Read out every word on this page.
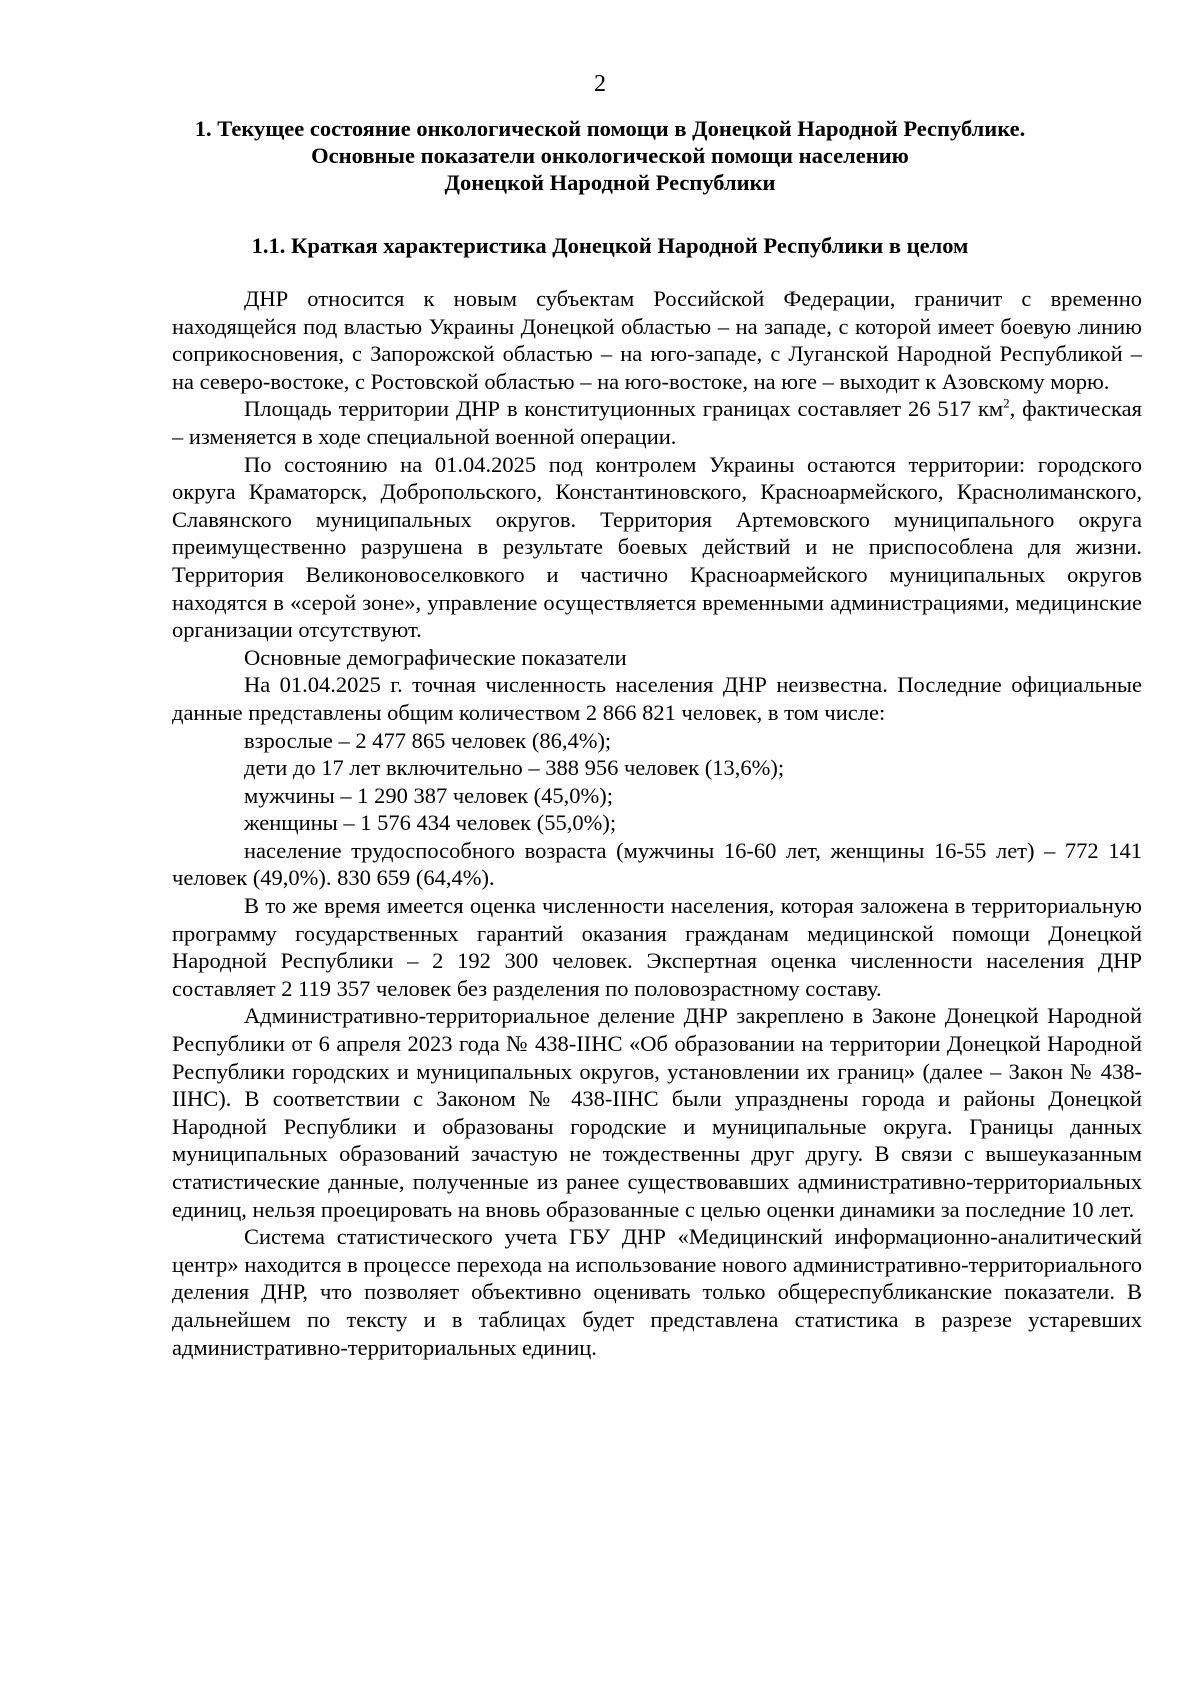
2
1. Текущее состояние онкологической помощи в Донецкой Народной Республике.
Основные показатели онкологической помощи населению
Донецкой Народной Республики
1.1. Краткая характеристика Донецкой Народной Республики в целом

ДНР относится к новым субъектам Российской Федерации, граничит с временно находящейся под властью Украины Донецкой областью – на западе, с которой имеет боевую линию соприкосновения, с Запорожской областью – на юго-западе, с Луганской Народной Республикой – на северо-востоке, с Ростовской областью – на юго-востоке, на юге – выходит к Азовскому морю.

Площадь территории ДНР в конституционных границах составляет 26 517 $км^2$, фактическая – изменяется в ходе специальной военной операции.

По состоянию на 01.04.2025 под контролем Украины остаются территории: городского округа Краматорск, Добропольского, Константиновского, Красноармейского, Краснолиманского, Славянского муниципальных округов. Территория Артемовского муниципального округа преимущественно разрушена в результате боевых действий и не приспособлена для жизни. Территория Великоновоселковкого и частично Красноармейского муниципальных округов находятся в «серой зоне», управление осуществляется временными администрациями, медицинские организации отсутствуют.

Основные демографические показатели

На 01.04.2025 г. точная численность населения ДНР неизвестна. Последние официальные данные представлены общим количеством 2 866 821 человек, в том числе:

взрослые – 2 477 865 человек (86,4%);

дети до 17 лет включительно – 388 956 человек (13,6%);

мужчины – 1 290 387 человек (45,0%);

женщины – 1 576 434 человек (55,0%);

население трудоспособного возраста (мужчины 16-60 лет, женщины 16-55 лет) – 772 141 человек (49,0%). 830 659 (64,4%).

В то же время имеется оценка численности населения, которая заложена в территориальную программу государственных гарантий оказания гражданам медицинской помощи Донецкой Народной Республики – 2 192 300 человек. Экспертная оценка численности населения ДНР составляет 2 119 357 человек без разделения по половозрастному составу.

Административно-территориальное деление ДНР закреплено в Законе Донецкой Народной Республики от 6 апреля 2023 года № 438-IIНС «Об образовании на территории Донецкой Народной Республики городских и муниципальных округов, установлении их границ» (далее – Закон № 438-IIНС). В соответствии с Законом № 438-IIНС были упразднены города и районы Донецкой Народной Республики и образованы городские и муниципальные округа. Границы данных муниципальных образований зачастую не тождественны друг другу. В связи с вышеуказанным статистические данные, полученные из ранее существовавших административно-территориальных единиц, нельзя проецировать на вновь образованные с целью оценки динамики за последние 10 лет.

Система статистического учета ГБУ ДНР «Медицинский информационно-аналитический центр» находится в процессе перехода на использование нового административно-территориального деления ДНР, что позволяет объективно оценивать только общереспубликанские показатели. В дальнейшем по тексту и в таблицах будет представлена статистика в разрезе устаревших административно-территориальных единиц.
